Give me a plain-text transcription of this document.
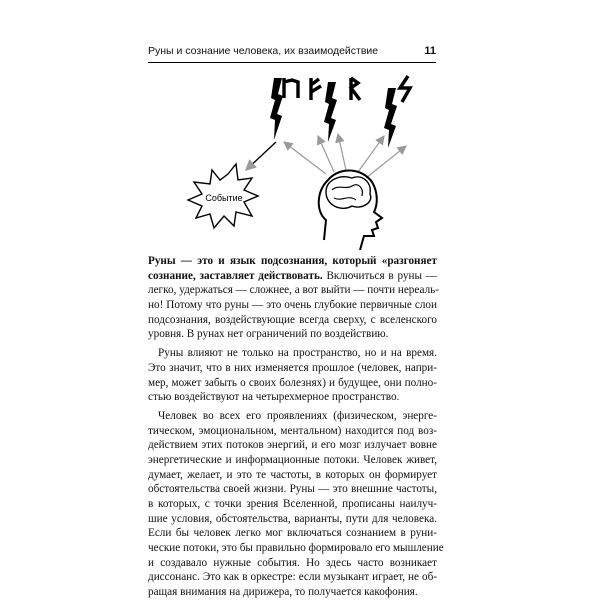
Руны и сознание человека, их взаимодействие	11
Событие
Руны — это и язык подсознания, который «разгоняет
сознание, заставляет действовать. Включиться в руны —
легко, удержаться — сложнее, а вот выйти — почти нереаль-
но! Потому что руны — это очень глубокие первичные слои
подсознания, воздействующие всегда сверху, с вселенского
уровня. В рунах нет ограничений по воздействию.
Руны влияют не только на пространство, но и на время.
Это значит, что в них изменяется прошлое (человек, напри-
мер, может забыть о своих болезнях) и будущее, они полно-
стью воздействуют на четырехмерное пространство.
Человек во всех его проявлениях (физическом, энерге-
тическом, эмоциональном, ментальном) находится под воз-
действием этих потоков энергий, и его мозг излучает вовне
энергетические и информационные потоки. Человек живет,
думает, желает, и это те частоты, в которых он формирует
обстоятельства своей жизни. Руны — это внешние частоты,
в которых, с точки зрения Вселенной, прописаны наилуч-
шие условия, обстоятельства, варианты, пути для человека.
Если бы человек легко мог включаться сознанием в руни-
ческие потоки, это бы правильно формировало его мышление
и создавало нужные события. Но здесь часто возникает
диссонанс. Это как в оркестре: если музыкант играет, не об-
ращая внимания на дирижера, то получается какофония.
